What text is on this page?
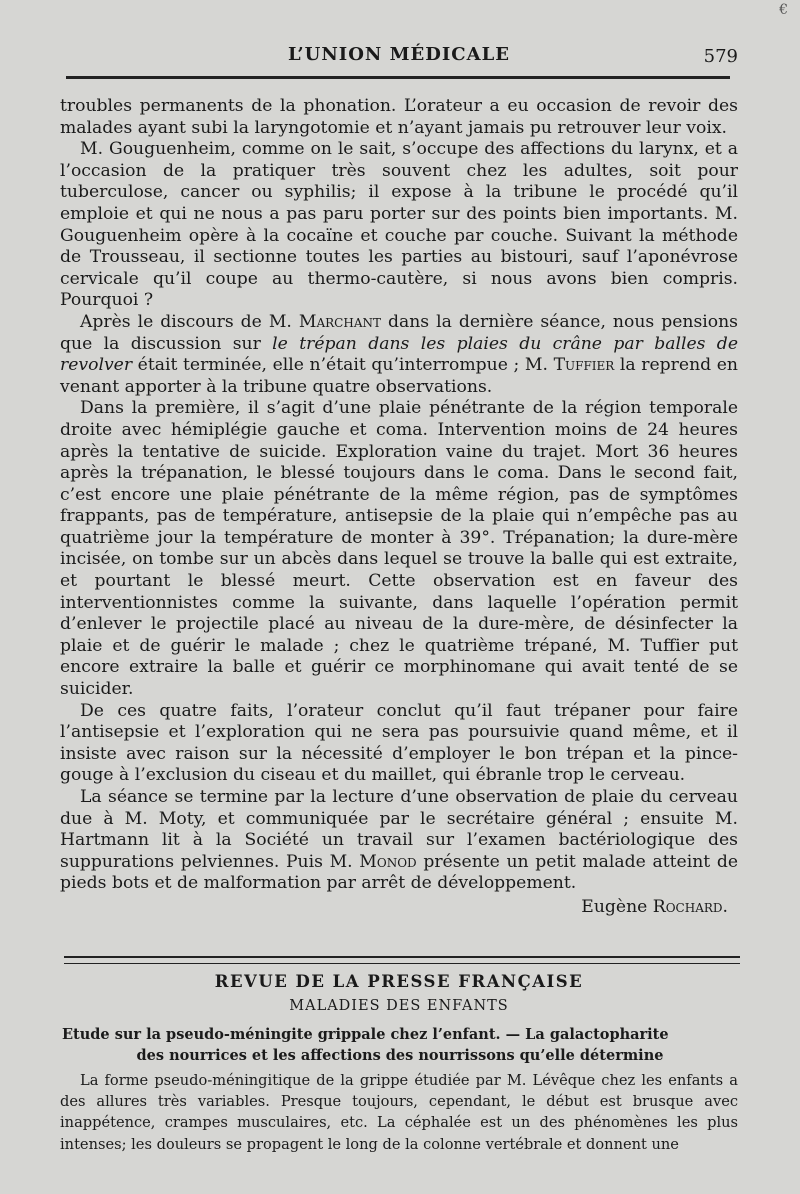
€
L’UNION MÉDICALE	579

troubles permanents de la phonation. L’orateur a eu occasion de revoir des malades ayant subi la laryngotomie et n’ayant jamais pu retrouver leur voix.

M. Gouguenheim, comme on le sait, s’occupe des affections du larynx, et a l’occasion de la pratiquer très souvent chez les adultes, soit pour tuberculose, cancer ou syphilis; il expose à la tribune le procédé qu’il emploie et qui ne nous a pas paru porter sur des points bien importants. M. Gouguenheim opère à la cocaïne et couche par couche. Suivant la méthode de Trousseau, il sectionne toutes les parties au bistouri, sauf l’aponévrose cervicale qu’il coupe au thermo-cautère, si nous avons bien compris. Pourquoi ?

Après le discours de M. Marchant dans la dernière séance, nous pensions que la discussion sur le trépan dans les plaies du crâne par balles de revolver était terminée, elle n’était qu’interrompue ; M. Tuffier la reprend en venant apporter à la tribune quatre observations.

Dans la première, il s’agit d’une plaie pénétrante de la région temporale droite avec hémiplégie gauche et coma. Intervention moins de 24 heures après la tentative de suicide. Exploration vaine du trajet. Mort 36 heures après la trépanation, le blessé toujours dans le coma. Dans le second fait, c’est encore une plaie pénétrante de la même région, pas de symptômes frappants, pas de température, antisepsie de la plaie qui n’empêche pas au quatrième jour la température de monter à 39°. Trépanation; la dure-mère incisée, on tombe sur un abcès dans lequel se trouve la balle qui est extraite, et pourtant le blessé meurt. Cette observation est en faveur des interventionnistes comme la suivante, dans laquelle l’opération permit d’enlever le projectile placé au niveau de la dure-mère, de désinfecter la plaie et de guérir le malade ; chez le quatrième trépané, M. Tuffier put encore extraire la balle et guérir ce morphinomane qui avait tenté de se suicider.

De ces quatre faits, l’orateur conclut qu’il faut trépaner pour faire l’antisepsie et l’exploration qui ne sera pas poursuivie quand même, et il insiste avec raison sur la nécessité d’employer le bon trépan et la pince-gouge à l’exclusion du ciseau et du maillet, qui ébranle trop le cerveau.

La séance se termine par la lecture d’une observation de plaie du cerveau due à M. Moty, et communiquée par le secrétaire général ; ensuite M. Hartmann lit à la Société un travail sur l’examen bactériologique des suppurations pelviennes. Puis M. Monod présente un petit malade atteint de pieds bots et de malformation par arrêt de développement.

Eugène Rochard.
REVUE DE LA PRESSE FRANÇAISE
MALADIES DES ENFANTS
Etude sur la pseudo-méningite grippale chez l’enfant. — La galactopharite
des nourrices et les affections des nourrissons qu’elle détermine

La forme pseudo-méningitique de la grippe étudiée par M. Lévêque chez les enfants a des allures très variables. Presque toujours, cependant, le début est brusque avec inappétence, crampes musculaires, etc. La céphalée est un des phénomènes les plus intenses; les douleurs se propagent le long de la colonne vertébrale et donnent une
